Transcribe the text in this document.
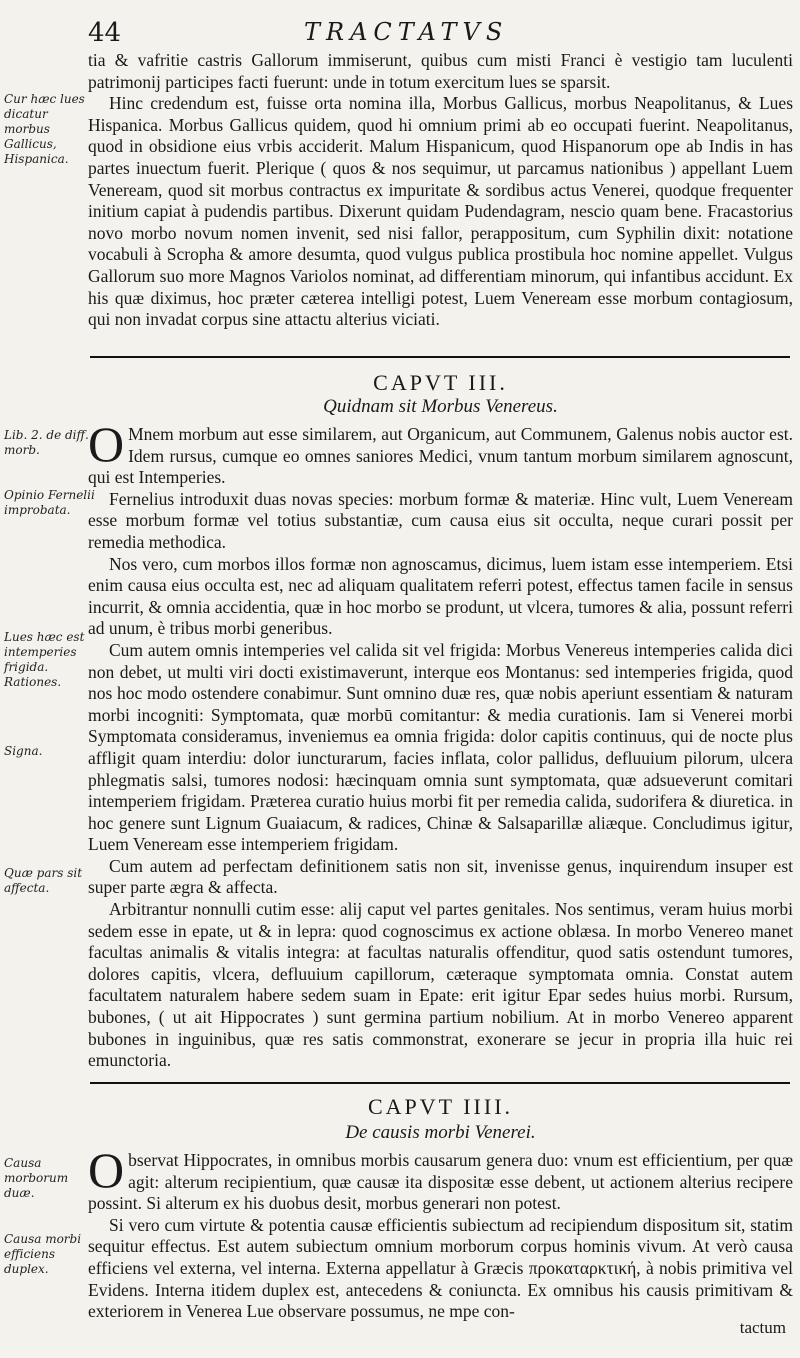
44	TRACTATVS
Cur hæc lues dicatur morbus Gallicus, Hispanica.
Lib. 2. de diff. morb.
Opinio Fernelii improbata.
Lues hæc est intemperies frigida. Rationes.
Signa.
Quæ pars sit affecta.
Causa morborum duæ.
Causa morbi efficiens duplex.

tia & vafritie castris Gallorum immiserunt, quibus cum misti Franci è vestigio tam luculenti patrimonij participes facti fuerunt: unde in totum exercitum lues se sparsit.

Hinc credendum est, fuisse orta nomina illa, Morbus Gallicus, morbus Neapolitanus, & Lues Hispanica. Morbus Gallicus quidem, quod hi omnium primi ab eo occupati fuerint. Neapolitanus, quod in obsidione eius vrbis acciderit. Malum Hispanicum, quod Hispanorum ope ab Indis in has partes inuectum fuerit. Plerique ( quos & nos sequimur, ut parcamus nationibus ) appellant Luem Veneream, quod sit morbus contractus ex impuritate & sordibus actus Venerei, quodque frequenter initium capiat à pudendis partibus. Dixerunt quidam Pudendagram, nescio quam bene. Fracastorius novo morbo novum nomen invenit, sed nisi fallor, perappositum, cum Syphilin dixit: notatione vocabuli à Scropha & amore desumta, quod vulgus publica prostibula hoc nomine appellet. Vulgus Gallorum suo more Magnos Variolos nominat, ad differentiam minorum, qui infantibus accidunt. Ex his quæ diximus, hoc præter cæterea intelligi potest, Luem Veneream esse morbum contagiosum, qui non invadat corpus sine attactu alterius viciati.

CAPVT III.
Quidnam sit Morbus Venereus.

O Mnem morbum aut esse similarem, aut Organicum, aut Communem, Galenus nobis auctor est. Idem rursus, cumque eo omnes saniores Medici, vnum tantum morbum similarem agnoscunt, qui est Intemperies.

Fernelius introduxit duas novas species: morbum formæ & materiæ. Hinc vult, Luem Veneream esse morbum formæ vel totius substantiæ, cum causa eius sit occulta, neque curari possit per remedia methodica.

Nos vero, cum morbos illos formæ non agnoscamus, dicimus, luem istam esse intemperiem. Etsi enim causa eius occulta est, nec ad aliquam qualitatem referri potest, effectus tamen facile in sensus incurrit, & omnia accidentia, quæ in hoc morbo se produnt, ut vlcera, tumores & alia, possunt referri ad unum, è tribus morbi generibus.

Cum autem omnis intemperies vel calida sit vel frigida: Morbus Venereus intemperies calida dici non debet, ut multi viri docti existimaverunt, interque eos Montanus: sed intemperies frigida, quod nos hoc modo ostendere conabimur. Sunt omnino duæ res, quæ nobis aperiunt essentiam & naturam morbi incogniti: Symptomata, quæ morbū comitantur: & media curationis. Iam si Venerei morbi Symptomata consideramus, inveniemus ea omnia frigida: dolor capitis continuus, qui de nocte plus affligit quam interdiu: dolor iuncturarum, facies inflata, color pallidus, defluuium pilorum, ulcera phlegmatis salsi, tumores nodosi: hæcinquam omnia sunt symptomata, quæ adsueverunt comitari intemperiem frigidam. Præterea curatio huius morbi fit per remedia calida, sudorifera & diuretica. in hoc genere sunt Lignum Guaiacum, & radices, Chinæ & Salsaparillæ aliæque. Concludimus igitur, Luem Veneream esse intemperiem frigidam.

Cum autem ad perfectam definitionem satis non sit, invenisse genus, inquirendum insuper est super parte ægra & affecta.

Arbitrantur nonnulli cutim esse: alij caput vel partes genitales. Nos sentimus, veram huius morbi sedem esse in epate, ut & in lepra: quod cognoscimus ex actione oblæsa. In morbo Venereo manet facultas animalis & vitalis integra: at facultas naturalis offenditur, quod satis ostendunt tumores, dolores capitis, vlcera, defluuium capillorum, cæteraque symptomata omnia. Constat autem facultatem naturalem habere sedem suam in Epate: erit igitur Epar sedes huius morbi. Rursum, bubones, ( ut ait Hippocrates ) sunt germina partium nobilium. At in morbo Venereo apparent bubones in inguinibus, quæ res satis commonstrat, exonerare se jecur in propria illa huic rei emunctoria.

CAPVT IIII.
De causis morbi Venerei.

Observat Hippocrates, in omnibus morbis causarum genera duo: vnum est efficientium, per quæ agit: alterum recipientium, quæ causæ ita dispositæ esse debent, ut actionem alterius recipere possint. Si alterum ex his duobus desit, morbus generari non potest.

Si vero cum virtute & potentia causæ efficientis subiectum ad recipiendum dispositum sit, statim sequitur effectus. Est autem subiectum omnium morborum corpus hominis vivum. At verò causa efficiens vel externa, vel interna. Externa appellatur à Græcis προκαταρκτική, à nobis primitiva vel Evidens. Interna itidem duplex est, antecedens & coniuncta. Ex omnibus his causis primitivam & exteriorem in Venerea Lue observare possumus, ne mpe con-

tactum
